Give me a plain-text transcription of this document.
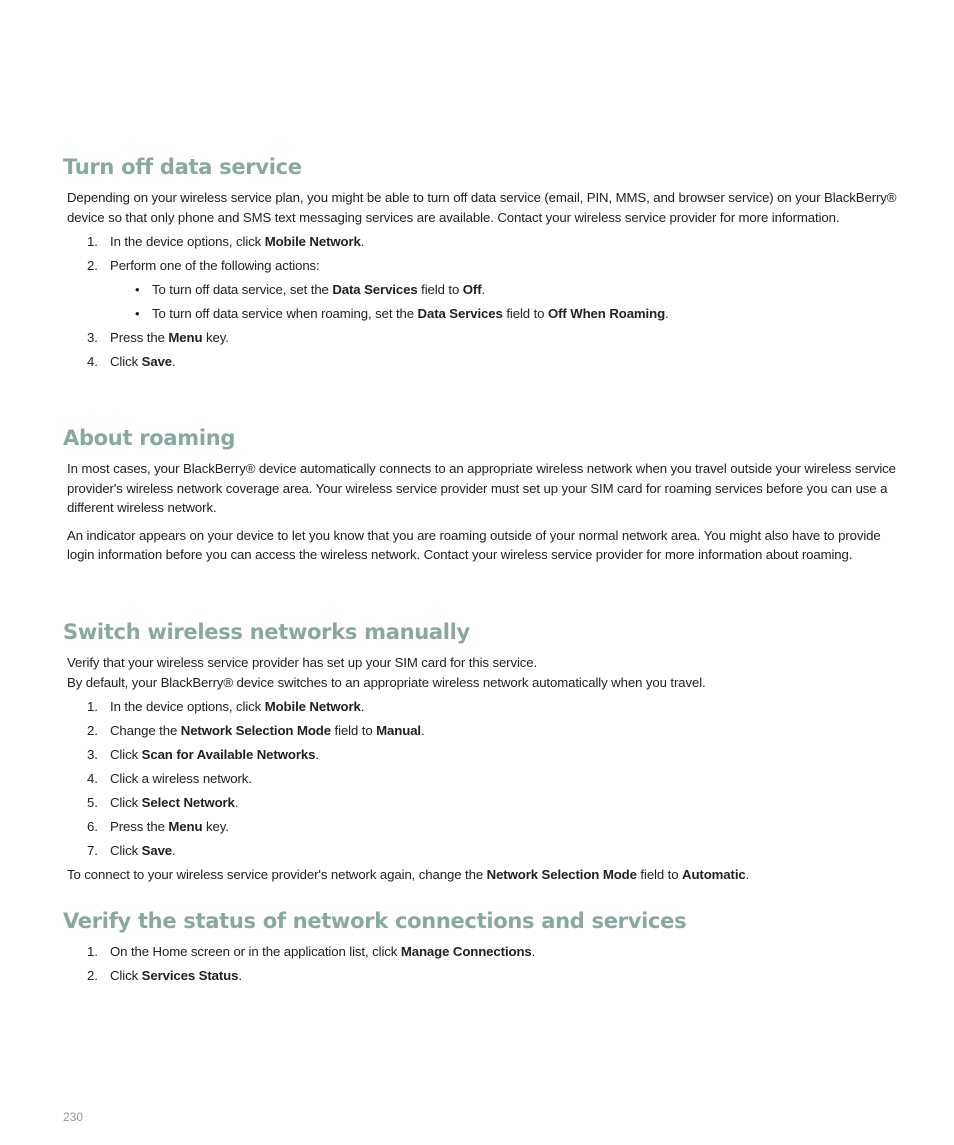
Turn off data service

Depending on your wireless service plan, you might be able to turn off data service (email, PIN, MMS, and browser service) on your BlackBerry® device so that only phone and SMS text messaging services are available. Contact your wireless service provider for more information.

1. In the device options, click Mobile Network.
2. Perform one of the following actions:
• To turn off data service, set the Data Services field to Off.
• To turn off data service when roaming, set the Data Services field to Off When Roaming.
3. Press the Menu key.
4. Click Save.
About roaming

In most cases, your BlackBerry® device automatically connects to an appropriate wireless network when you travel outside your wireless service provider's wireless network coverage area. Your wireless service provider must set up your SIM card for roaming services before you can use a different wireless network.

An indicator appears on your device to let you know that you are roaming outside of your normal network area. You might also have to provide login information before you can access the wireless network. Contact your wireless service provider for more information about roaming.

Switch wireless networks manually

Verify that your wireless service provider has set up your SIM card for this service.

By default, your BlackBerry® device switches to an appropriate wireless network automatically when you travel.

1. In the device options, click Mobile Network.
2. Change the Network Selection Mode field to Manual.
3. Click Scan for Available Networks.
4. Click a wireless network.
5. Click Select Network.
6. Press the Menu key.
7. Click Save.

To connect to your wireless service provider's network again, change the Network Selection Mode field to Automatic.

Verify the status of network connections and services
1. On the Home screen or in the application list, click Manage Connections.
2. Click Services Status.
230
